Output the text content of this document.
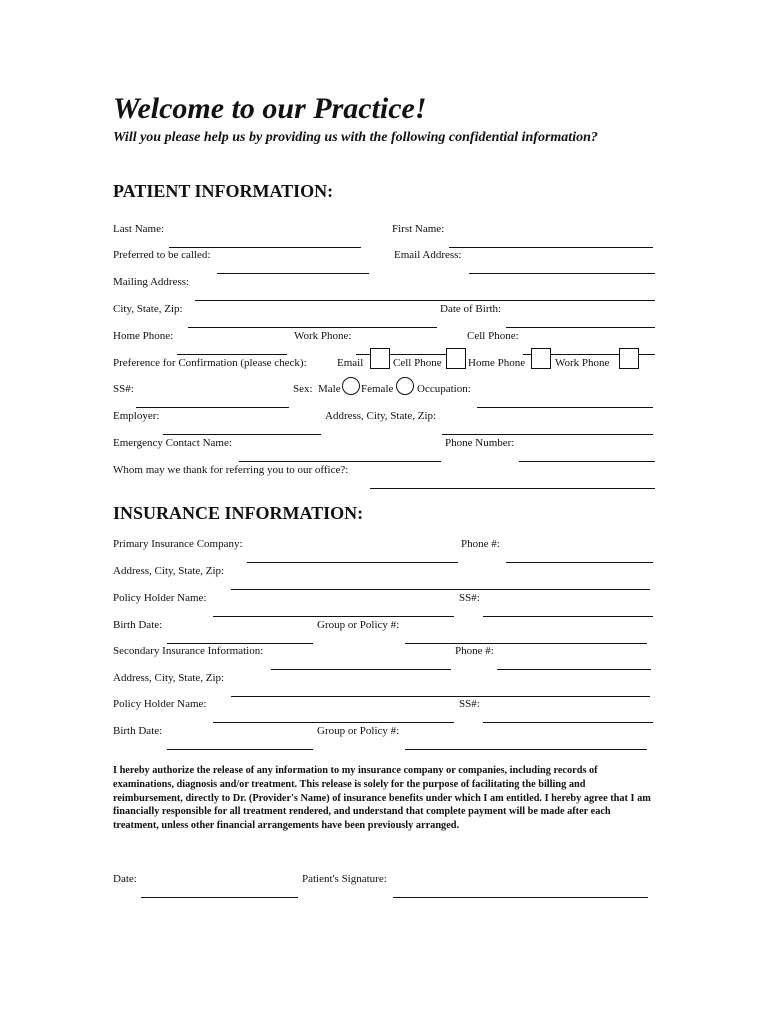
Welcome to our Practice!
Will you please help us by providing us with the following confidential information?
PATIENT INFORMATION:
Last Name:	First Name:
Preferred to be called:	Email Address:
Mailing Address:
City, State, Zip:	Date of Birth:
Home Phone:	Work Phone:	Cell Phone:
Preference for Confirmation (please check):	Email	Cell Phone Home Phone	Work Phone
SS#:	Sex: Male Female Occupation:
Employer:	Address, City, State, Zip:
Emergency Contact Name:	Phone Number:
Whom may we thank for referring you to our office?:
INSURANCE INFORMATION:
Primary Insurance Company:	Phone #:
Address, City, State, Zip:
Policy Holder Name:	SS#:
Birth Date:	Group or Policy #:
Secondary Insurance Information:	Phone #:
Address, City, State, Zip:
Policy Holder Name:	SS#:
Birth Date:	Group or Policy #:
I hereby authorize the release of any information to my insurance company or companies, including records of examinations, diagnosis and/or treatment. This release is solely for the purpose of facilitating the billing and reimbursement, directly to Dr. (Provider's Name) of insurance benefits under which I am entitled. I hereby agree that I am financially responsible for all treatment rendered, and understand that complete payment will be made after each treatment, unless other financial arrangements have been previously arranged.
Date:	Patient's Signature:
